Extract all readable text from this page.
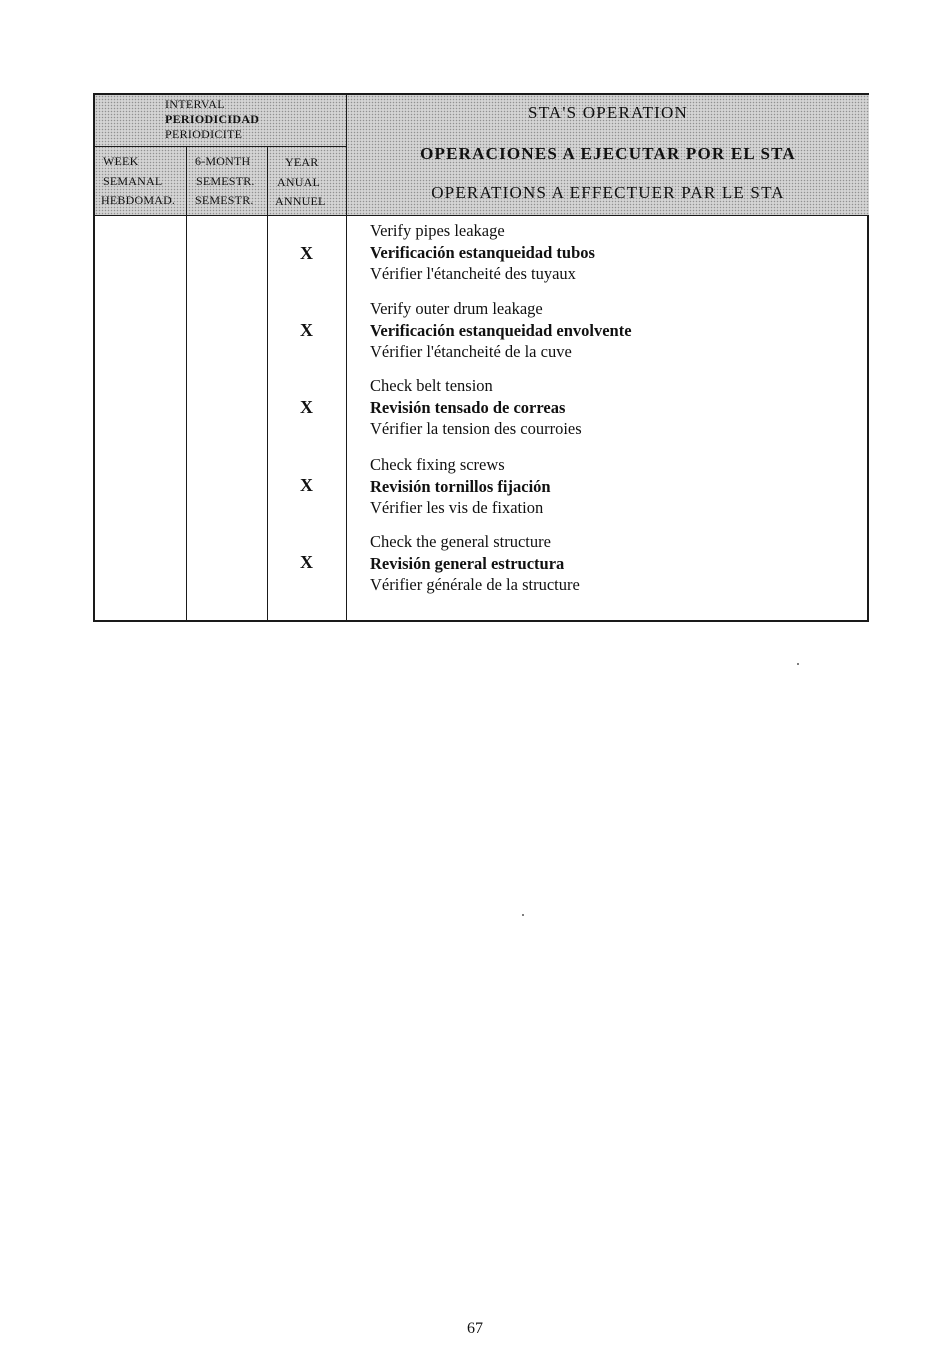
INTERVAL
PERIODICIDAD
PERIODICITE
WEEK
SEMANAL
HEBDOMAD.
6-MONTH
SEMESTR.
SEMESTR.
YEAR
ANUAL
ANNUEL
STA'S OPERATION
OPERACIONES A EJECUTAR POR EL STA
OPERATIONS A EFFECTUER PAR LE STA
X
Verify pipes leakage
Verificación estanqueidad tubos
Vérifier l'étancheité des tuyaux
X
Verify outer drum leakage
Verificación estanqueidad envolvente
Vérifier l'étancheité de la cuve
X
Check belt tension
Revisión tensado de correas
Vérifier la tension des courroies
X
Check fixing screws
Revisión tornillos fijación
Vérifier les vis de fixation
X
Check the general structure
Revisión general estructura
Vérifier générale de la structure
67
